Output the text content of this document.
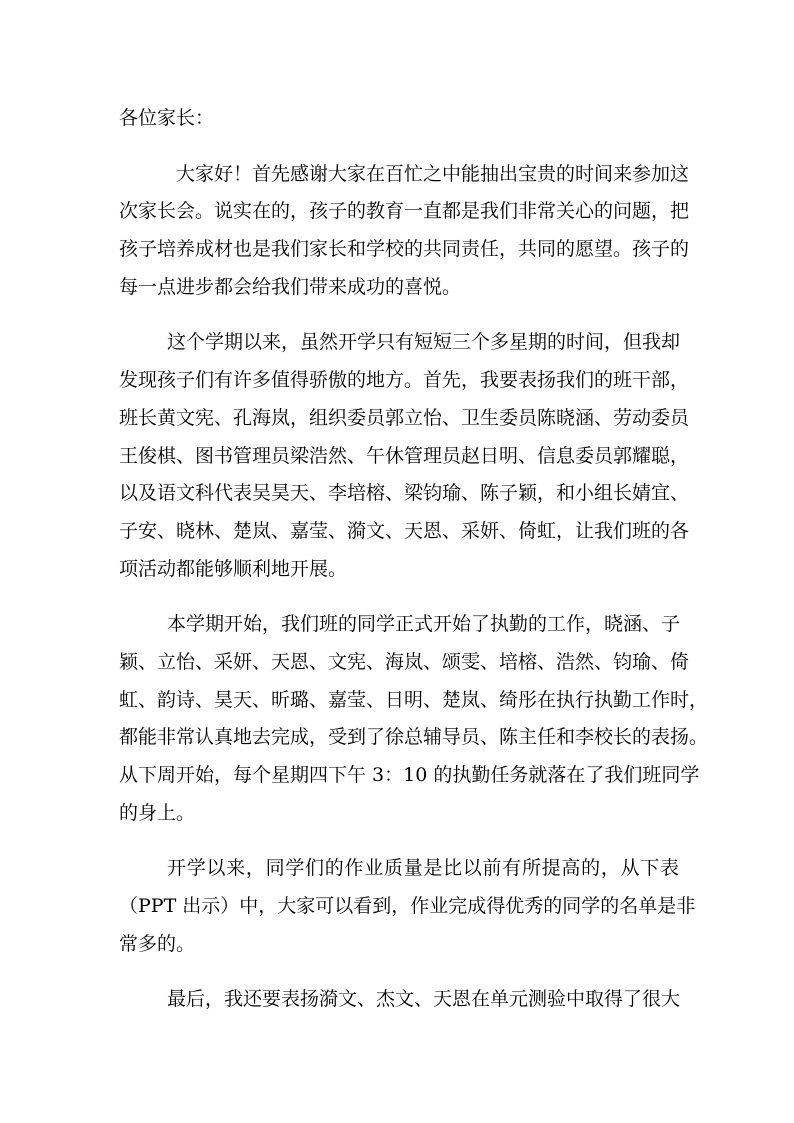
各位家长：
大家好！首先感谢大家在百忙之中能抽出宝贵的时间来参加这
次家长会。说实在的，孩子的教育一直都是我们非常关心的问题，把
孩子培养成材也是我们家长和学校的共同责任，共同的愿望。孩子的
每一点进步都会给我们带来成功的喜悦。
这个学期以来，虽然开学只有短短三个多星期的时间，但我却
发现孩子们有许多值得骄傲的地方。首先，我要表扬我们的班干部，
班长黄文宪、孔海岚，组织委员郭立怡、卫生委员陈晓涵、劳动委员
王俊棋、图书管理员梁浩然、午休管理员赵日明、信息委员郭耀聪，
以及语文科代表吴昊天、李培榕、梁钧瑜、陈子颖，和小组长婧宜、
子安、晓林、楚岚、嘉莹、漪文、天恩、采妍、倚虹，让我们班的各
项活动都能够顺利地开展。
本学期开始，我们班的同学正式开始了执勤的工作，晓涵、子
颖、立怡、采妍、天恩、文宪、海岚、颂雯、培榕、浩然、钧瑜、倚
虹、韵诗、昊天、昕璐、嘉莹、日明、楚岚、绮彤在执行执勤工作时，
都能非常认真地去完成，受到了徐总辅导员、陈主任和李校长的表扬。
从下周开始，每个星期四下午 3：10 的执勤任务就落在了我们班同学
的身上。
开学以来，同学们的作业质量是比以前有所提高的，从下表
（PPT 出示）中，大家可以看到，作业完成得优秀的同学的名单是非
常多的。
最后，我还要表扬漪文、杰文、天恩在单元测验中取得了很大
